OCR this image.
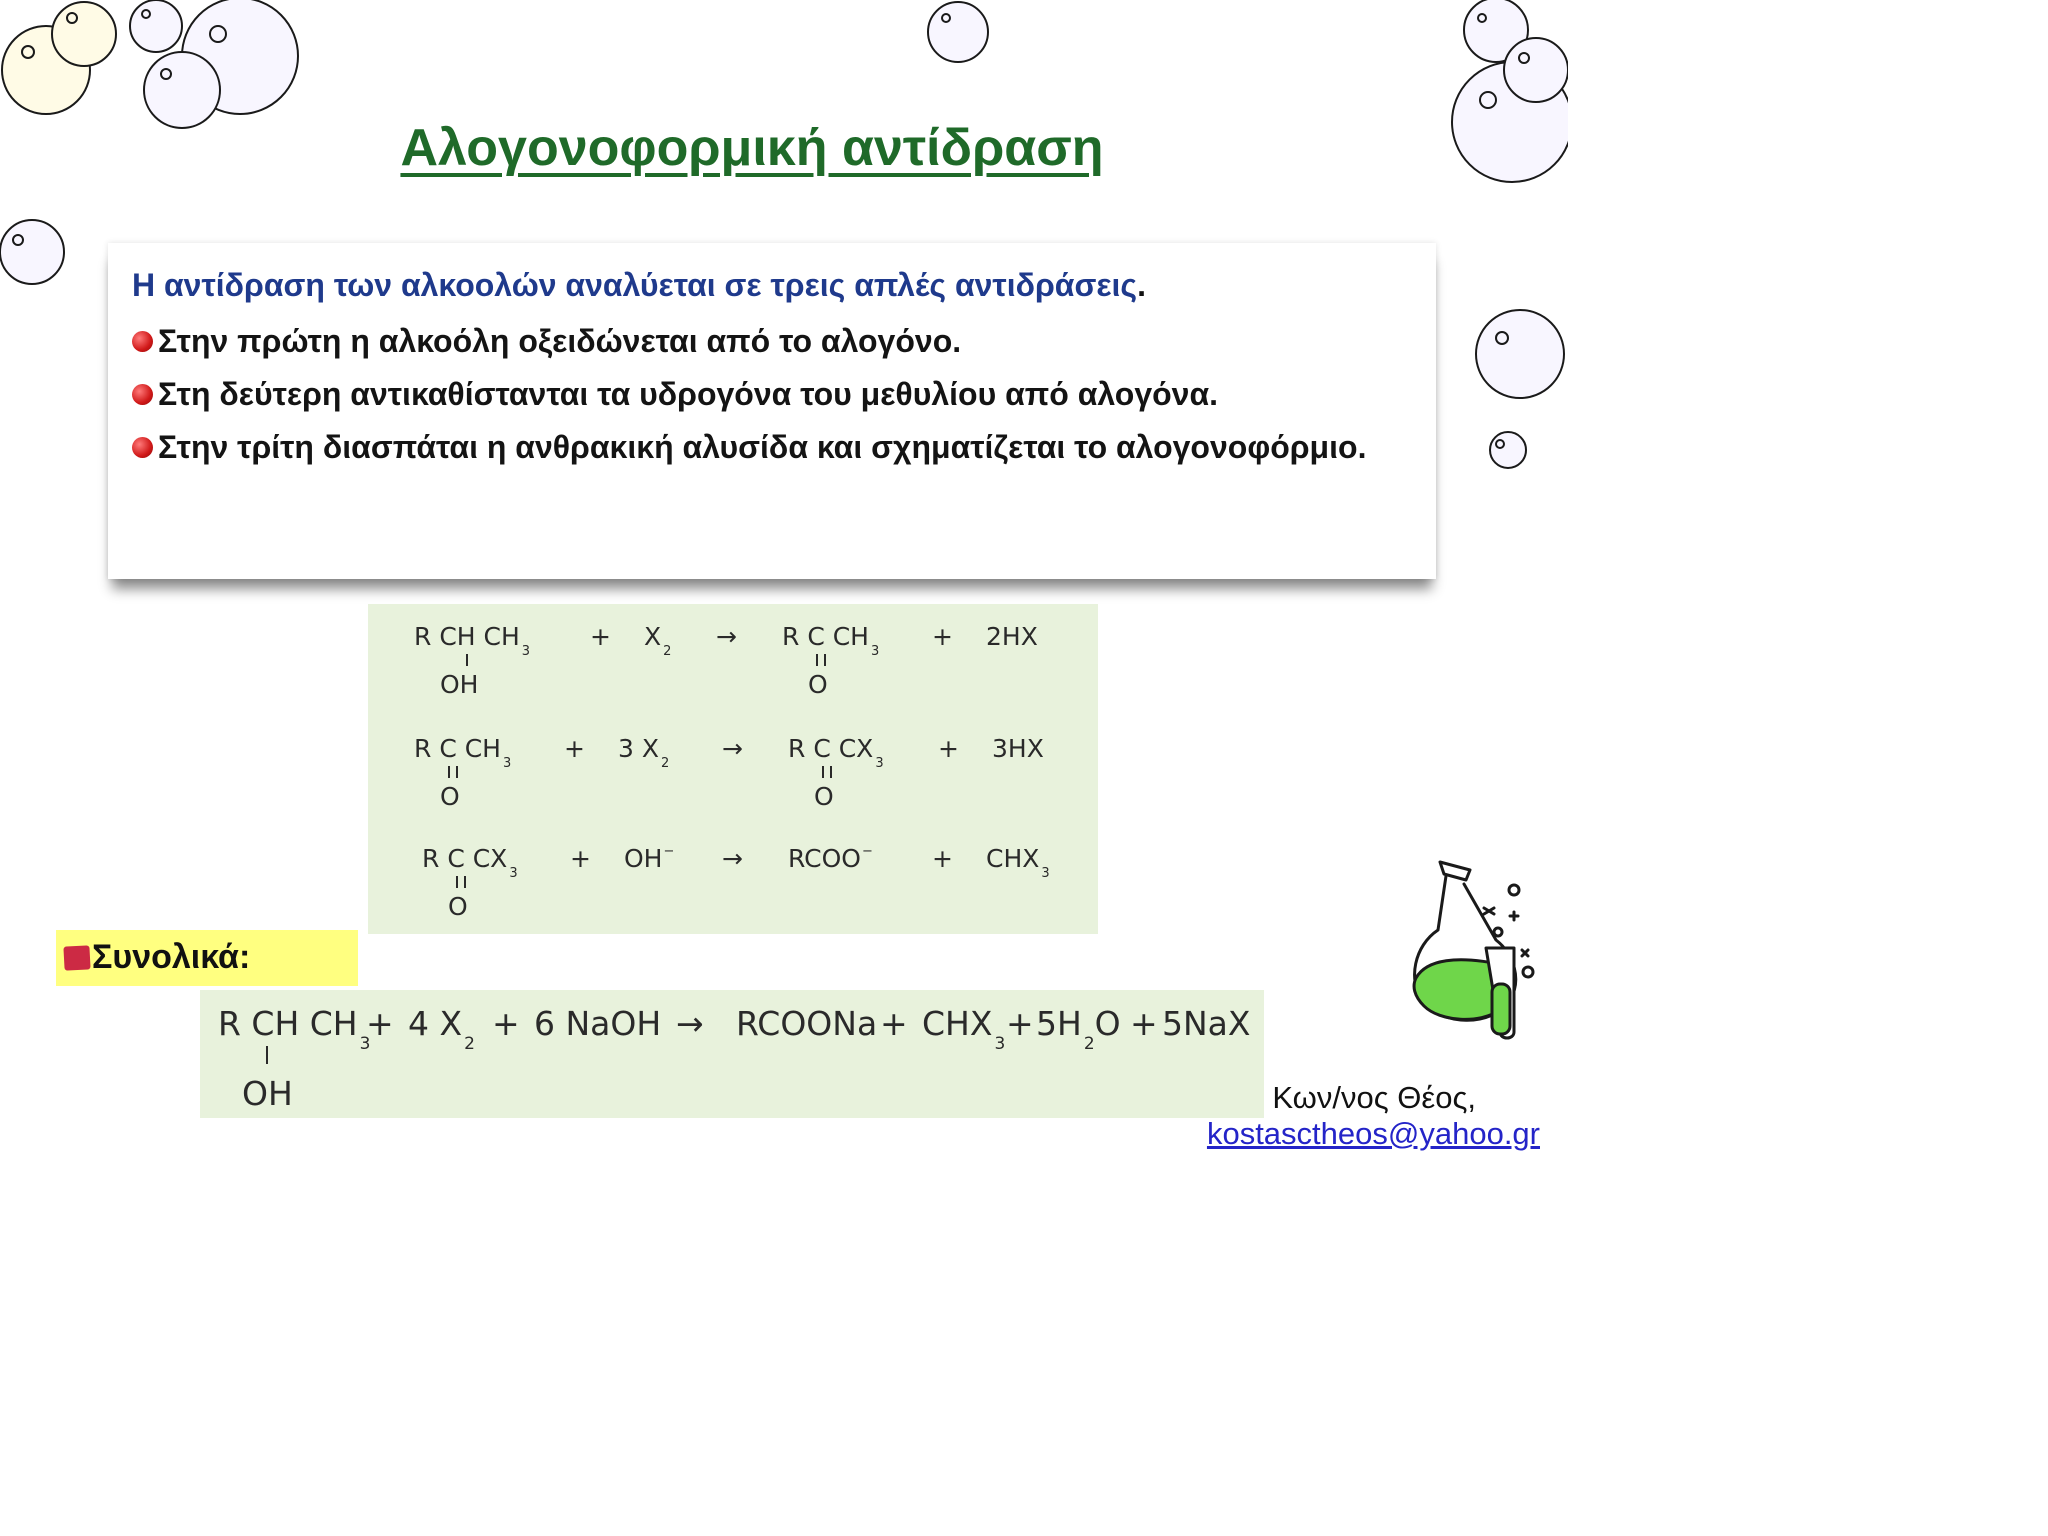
Αλογονοφορμική αντίδραση
Η αντίδραση των αλκοολών αναλύεται σε τρεις απλές αντιδράσεις.
Στην πρώτη η αλκοόλη οξειδώνεται από το αλογόνο.
Στη δεύτερη αντικαθίστανται τα υδρογόνα του μεθυλίου από αλογόνα.
Στην τρίτη διασπάται η ανθρακική αλυσίδα και σχηματίζεται το αλογονοφόρμιο.
R CH $CH_3$
OH
+ $X_2$
→ R C $CH_3$
O
+ 2HX
R C $CH_3$
O
+ 3 $X_2$
→ R C $CX_3$
O
+ 3HX
R C $CX_3$
O
+ OH− → RCOO− + $CHX_3$
Συνολικά:
R CH $CH_3$
OH
+ 4 $X_2$
+ 6 NaOH → RCOONa + $CHX_3$
+ $5H_2O + 5NaX$
Κων/νος Θέος,
kostasctheos@yahoo.gr
